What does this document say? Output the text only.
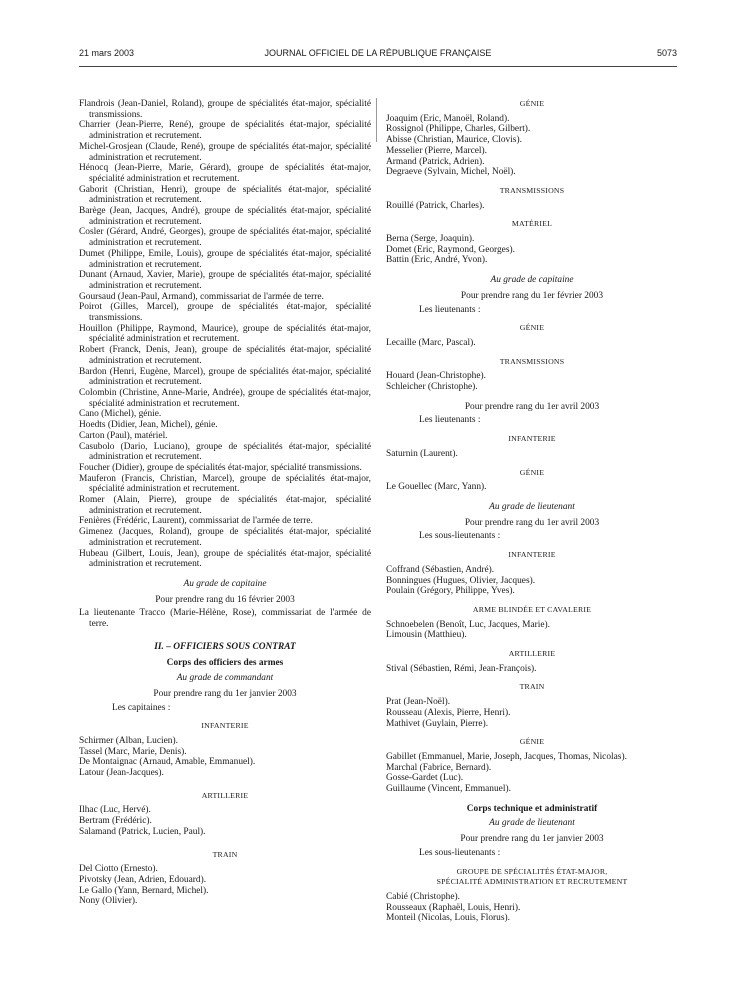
21 mars 2003	JOURNAL OFFICIEL DE LA RÉPUBLIQUE FRANÇAISE	5073
Flandrois (Jean-Daniel, Roland), groupe de spécialités état-major, spécialité transmissions.
Charrier (Jean-Pierre, René), groupe de spécialités état-major, spécialité administration et recrutement.
Michel-Grosjean (Claude, René), groupe de spécialités état-major, spécialité administration et recrutement.
Hénocq (Jean-Pierre, Marie, Gérard), groupe de spécialités état-major, spécialité administration et recrutement.
Gaborit (Christian, Henri), groupe de spécialités état-major, spécialité administration et recrutement.
Barège (Jean, Jacques, André), groupe de spécialités état-major, spécialité administration et recrutement.
Cosler (Gérard, André, Georges), groupe de spécialités état-major, spécialité administration et recrutement.
Dumet (Philippe, Emile, Louis), groupe de spécialités état-major, spécialité administration et recrutement.
Dunant (Arnaud, Xavier, Marie), groupe de spécialités état-major, spécialité administration et recrutement.
Goursaud (Jean-Paul, Armand), commissariat de l'armée de terre.
Poirot (Gilles, Marcel), groupe de spécialités état-major, spécialité transmissions.
Houillon (Philippe, Raymond, Maurice), groupe de spécialités état-major, spécialité administration et recrutement.
Robert (Franck, Denis, Jean), groupe de spécialités état-major, spécialité administration et recrutement.
Bardon (Henri, Eugène, Marcel), groupe de spécialités état-major, spécialité administration et recrutement.
Colombin (Christine, Anne-Marie, Andrée), groupe de spécialités état-major, spécialité administration et recrutement.
Cano (Michel), génie.
Hoedts (Didier, Jean, Michel), génie.
Carton (Paul), matériel.
Casubolo (Dario, Luciano), groupe de spécialités état-major, spécialité administration et recrutement.
Foucher (Didier), groupe de spécialités état-major, spécialité transmissions.
Mauferon (Francis, Christian, Marcel), groupe de spécialités état-major, spécialité administration et recrutement.
Romer (Alain, Pierre), groupe de spécialités état-major, spécialité administration et recrutement.
Fenières (Frédéric, Laurent), commissariat de l'armée de terre.
Gimenez (Jacques, Roland), groupe de spécialités état-major, spécialité administration et recrutement.
Hubeau (Gilbert, Louis, Jean), groupe de spécialités état-major, spécialité administration et recrutement.
Au grade de capitaine
Pour prendre rang du 16 février 2003
La lieutenante Tracco (Marie-Hélène, Rose), commissariat de l'armée de terre.
II. – OFFICIERS SOUS CONTRAT
Corps des officiers des armes
Au grade de commandant
Pour prendre rang du 1er janvier 2003
Les capitaines :
INFANTERIE
Schirmer (Alban, Lucien).
Tassel (Marc, Marie, Denis).
De Montaignac (Arnaud, Amable, Emmanuel).
Latour (Jean-Jacques).
ARTILLERIE
Ilhac (Luc, Hervé).
Bertram (Frédéric).
Salamand (Patrick, Lucien, Paul).
TRAIN
Del Ciotto (Ernesto).
Pivotsky (Jean, Adrien, Edouard).
Le Gallo (Yann, Bernard, Michel).
Nony (Olivier).
GÉNIE
Joaquim (Eric, Manoël, Roland).
Rossignol (Philippe, Charles, Gilbert).
Abisse (Christian, Maurice, Clovis).
Messelier (Pierre, Marcel).
Armand (Patrick, Adrien).
Degraeve (Sylvain, Michel, Noël).
TRANSMISSIONS
Rouillé (Patrick, Charles).
MATÉRIEL
Berna (Serge, Joaquin).
Domet (Eric, Raymond, Georges).
Battin (Eric, André, Yvon).
Au grade de capitaine
Pour prendre rang du 1er février 2003
Les lieutenants :
GÉNIE
Lecaille (Marc, Pascal).
TRANSMISSIONS
Houard (Jean-Christophe).
Schleicher (Christophe).
Pour prendre rang du 1er avril 2003
Les lieutenants :
INFANTERIE
Saturnin (Laurent).
GÉNIE
Le Gouellec (Marc, Yann).
Au grade de lieutenant
Pour prendre rang du 1er avril 2003
Les sous-lieutenants :
INFANTERIE
Coffrand (Sébastien, André).
Bonningues (Hugues, Olivier, Jacques).
Poulain (Grégory, Philippe, Yves).
ARME BLINDÉE ET CAVALERIE
Schnoebelen (Benoît, Luc, Jacques, Marie).
Limousin (Matthieu).
ARTILLERIE
Stival (Sébastien, Rémi, Jean-François).
TRAIN
Prat (Jean-Noël).
Rousseau (Alexis, Pierre, Henri).
Mathivet (Guylain, Pierre).
GÉNIE
Gabillet (Emmanuel, Marie, Joseph, Jacques, Thomas, Nicolas).
Marchal (Fabrice, Bernard).
Gosse-Gardet (Luc).
Guillaume (Vincent, Emmanuel).
Corps technique et administratif
Au grade de lieutenant
Pour prendre rang du 1er janvier 2003
Les sous-lieutenants :
GROUPE DE SPÉCIALITÉS ÉTAT-MAJOR,
SPÉCIALITÉ ADMINISTRATION ET RECRUTEMENT
Cabié (Christophe).
Rousseaux (Raphaël, Louis, Henri).
Monteil (Nicolas, Louis, Florus).
